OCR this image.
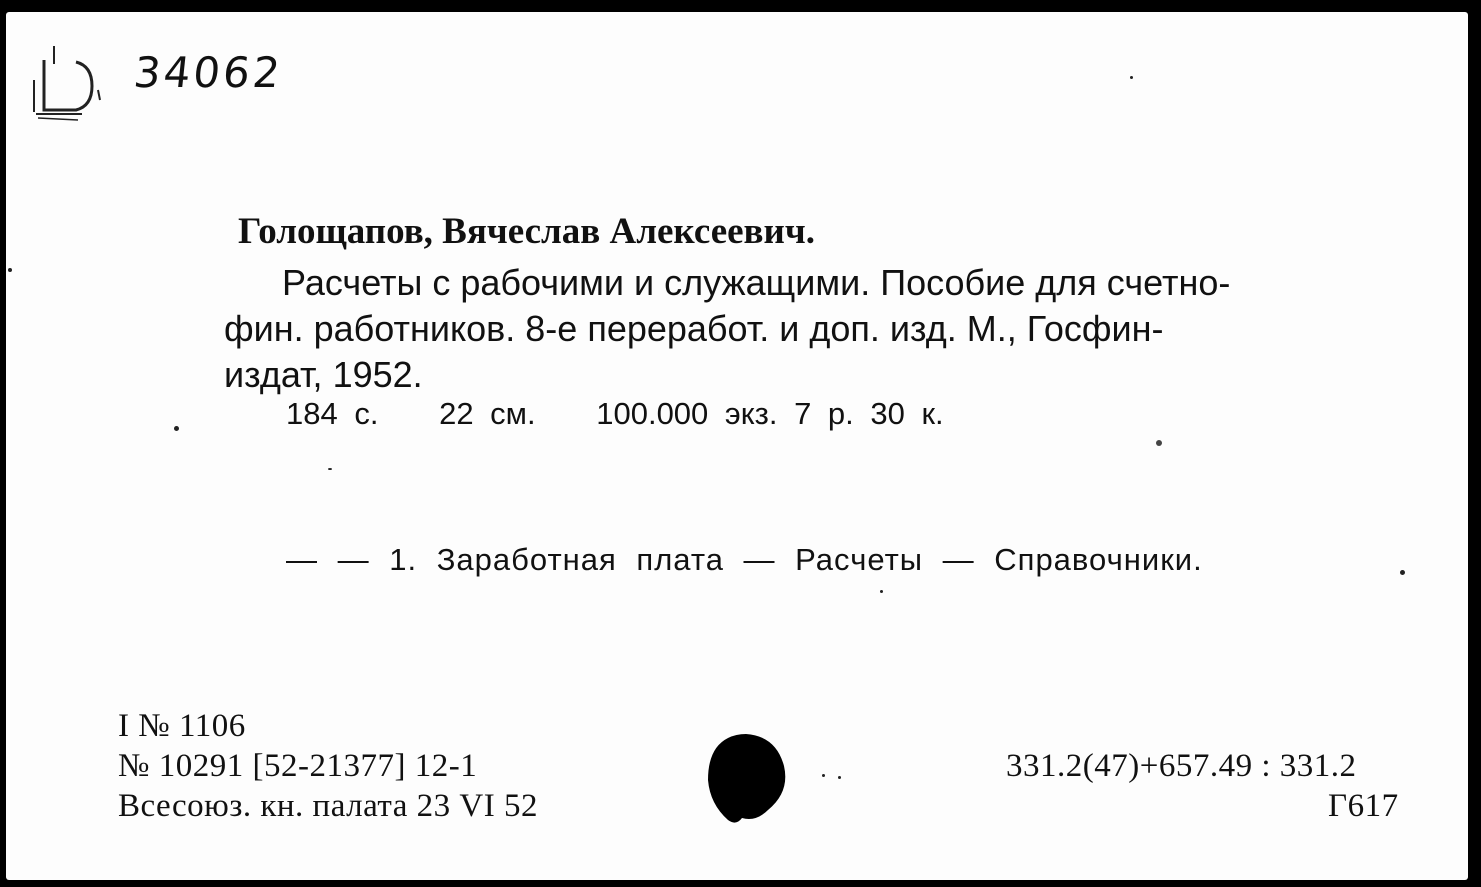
34062
Голощапов, Вячеслав Алексеевич.
Расчеты с рабочими и служащими. Пособие для счетно-
фин. работников. 8-е переработ. и доп. изд. М., Госфин-
издат, 1952.
184 с. 22 см. 100.000 экз. 7 р. 30 к.
— — 1. Заработная плата — Расчеты — Справочники.
I № 1106
№ 10291 [52-21377] 12-1
Всесоюз. кн. палата 23 VI 52
331.2(47)+657.49 : 331.2
Г617
